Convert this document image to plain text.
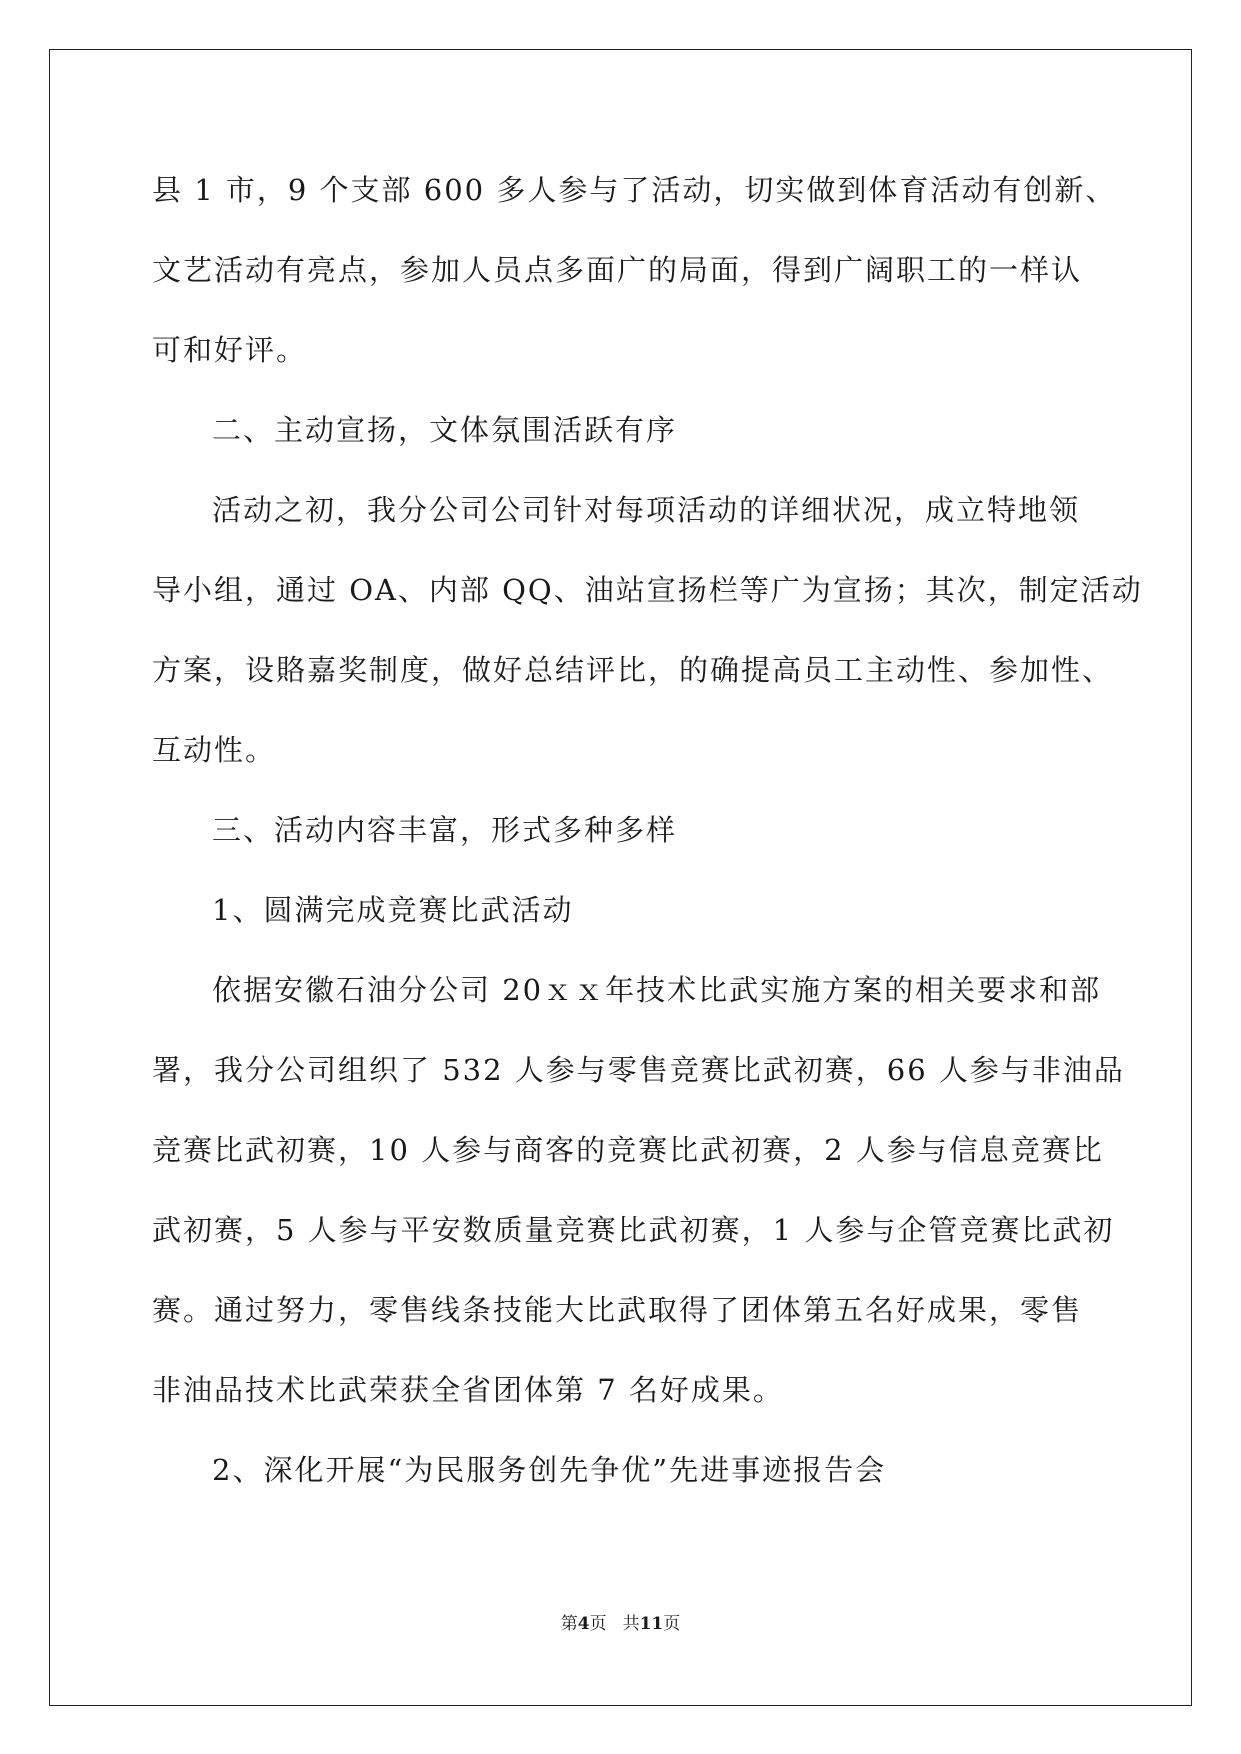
县 1 市，9 个支部 600 多人参与了活动，切实做到体育活动有创新、
文艺活动有亮点，参加人员点多面广的局面，得到广阔职工的一样认
可和好评。
二、主动宣扬，文体氛围活跃有序
活动之初，我分公司公司针对每项活动的详细状况，成立特地领
导小组，通过 OA、内部 QQ、油站宣扬栏等广为宣扬；其次，制定活动
方案，设賂嘉奖制度，做好总结评比，的确提高员工主动性、参加性、
互动性。
三、活动内容丰富，形式多种多样
1、圆满完成竞赛比武活动
依据安徽石油分公司 20ｘｘ年技术比武实施方案的相关要求和部
署，我分公司组织了 532 人参与零售竞赛比武初赛，66 人参与非油品
竞赛比武初赛，10 人参与商客的竞赛比武初赛，2 人参与信息竞赛比
武初赛，5 人参与平安数质量竞赛比武初赛，1 人参与企管竞赛比武初
赛。通过努力，零售线条技能大比武取得了团体第五名好成果，零售
非油品技术比武荣获全省团体第 7 名好成果。
2、深化开展“为民服务创先争优”先进事迹报告会
第4页 共11页
